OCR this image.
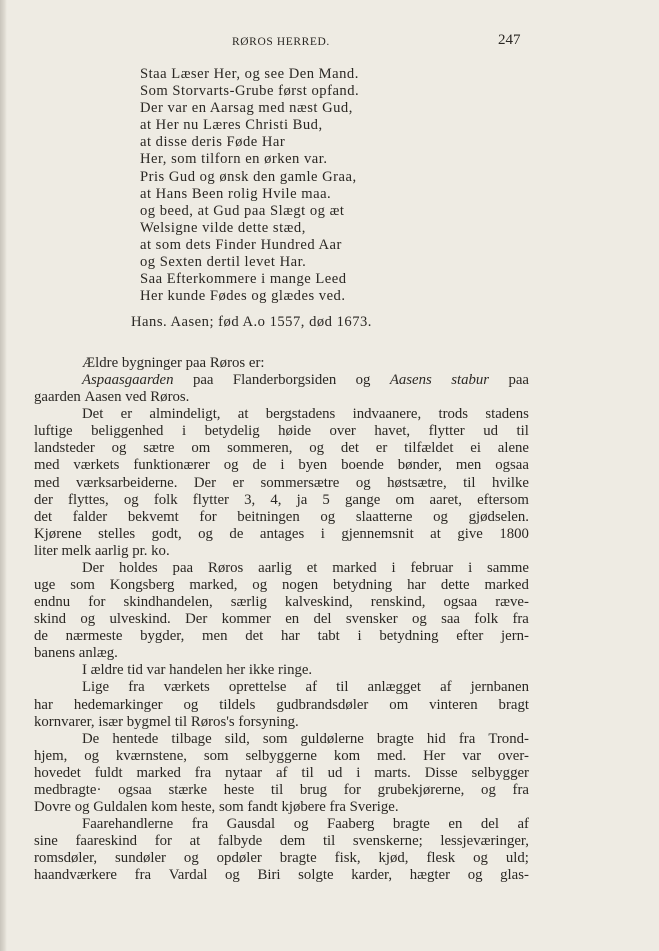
RØROS HERRED.	247
Staa Læser Her, og see Den Mand.
Som Storvarts-Grube først opfand.
Der var en Aarsag med næst Gud,
at Her nu Læres Christi Bud,
at disse deris Føde Har
Her, som tilforn en ørken var.
Pris Gud og ønsk den gamle Graa,
at Hans Been rolig Hvile maa.
og beed, at Gud paa Slægt og æt
Welsigne vilde dette stæd,
at som dets Finder Hundred Aar
og Sexten dertil levet Har.
Saa Efterkommere i mange Leed
Her kunde Fødes og glædes ved.
Hans. Aasen; fød A.o 1557, død 1673.
Ældre bygninger paa Røros er:
Aspaasgaarden paa Flanderborgsiden og Aasens stabur paa
gaarden Aasen ved Røros.
Det er almindeligt, at bergstadens indvaanere, trods stadens
luftige beliggenhed i betydelig høide over havet, flytter ud til
landsteder og sætre om sommeren, og det er tilfældet ei alene
med værkets funktionærer og de i byen boende bønder, men ogsaa
med værksarbeiderne. Der er sommersætre og høstsætre, til hvilke
der flyttes, og folk flytter 3, 4, ja 5 gange om aaret, eftersom
det falder bekvemt for beitningen og slaatterne og gjødselen.
Kjørene stelles godt, og de antages i gjennemsnit at give 1800
liter melk aarlig pr. ko.
Der holdes paa Røros aarlig et marked i februar i samme
uge som Kongsberg marked, og nogen betydning har dette marked
endnu for skindhandelen, særlig kalveskind, renskind, ogsaa ræve-
skind og ulveskind. Der kommer en del svensker og saa folk fra
de nærmeste bygder, men det har tabt i betydning efter jern-
banens anlæg.
I ældre tid var handelen her ikke ringe.
Lige fra værkets oprettelse af til anlægget af jernbanen
har hedemarkinger og tildels gudbrandsdøler om vinteren bragt
kornvarer, især bygmel til Røros's forsyning.
De hentede tilbage sild, som guldølerne bragte hid fra Trond-
hjem, og kværnstene, som selbyggerne kom med. Her var over-
hovedet fuldt marked fra nytaar af til ud i marts. Disse selbygger
medbragte· ogsaa stærke heste til brug for grubekjørerne, og fra
Dovre og Guldalen kom heste, som fandt kjøbere fra Sverige.
Faarehandlerne fra Gausdal og Faaberg bragte en del af
sine faareskind for at falbyde dem til svenskerne; lessjeværinger,
romsdøler, sundøler og opdøler bragte fisk, kjød, flesk og uld;
haandværkere fra Vardal og Biri solgte karder, hægter og glas-
